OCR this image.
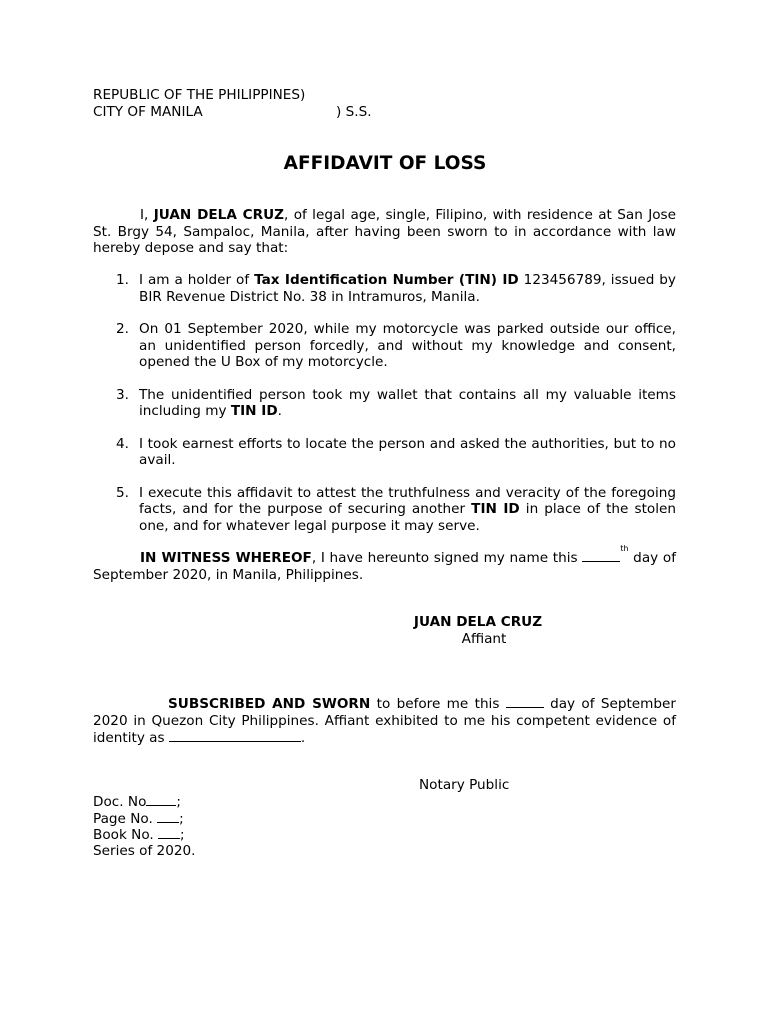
REPUBLIC OF THE PHILIPPINES)
CITY OF MANILA	) S.S.
AFFIDAVIT OF LOSS
I, JUAN DELA CRUZ, of legal age, single, Filipino, with residence at San Jose St. Brgy 54, Sampaloc, Manila, after having been sworn to in accordance with law hereby depose and say that:
1. I am a holder of Tax Identification Number (TIN) ID 123456789, issued by BIR Revenue District No. 38 in Intramuros, Manila.
2. On 01 September 2020, while my motorcycle was parked outside our office, an unidentified person forcedly, and without my knowledge and consent, opened the U Box of my motorcycle.
3. The unidentified person took my wallet that contains all my valuable items including my TIN ID.
4. I took earnest efforts to locate the person and asked the authorities, but to no avail.
5. I execute this affidavit to attest the truthfulness and veracity of the foregoing facts, and for the purpose of securing another TIN ID in place of the stolen one, and for whatever legal purpose it may serve.
IN WITNESS WHEREOF, I have hereunto signed my name this $^{th}$ day of September 2020, in Manila, Philippines.
JUAN DELA CRUZ
Affiant
SUBSCRIBED AND SWORN to before me this	day of September 2020 in Quezon City Philippines. Affiant exhibited to me his competent evidence of identity as	.
Notary Public
Doc. No ;
Page No. ;
Book No. ;
Series of 2020.
